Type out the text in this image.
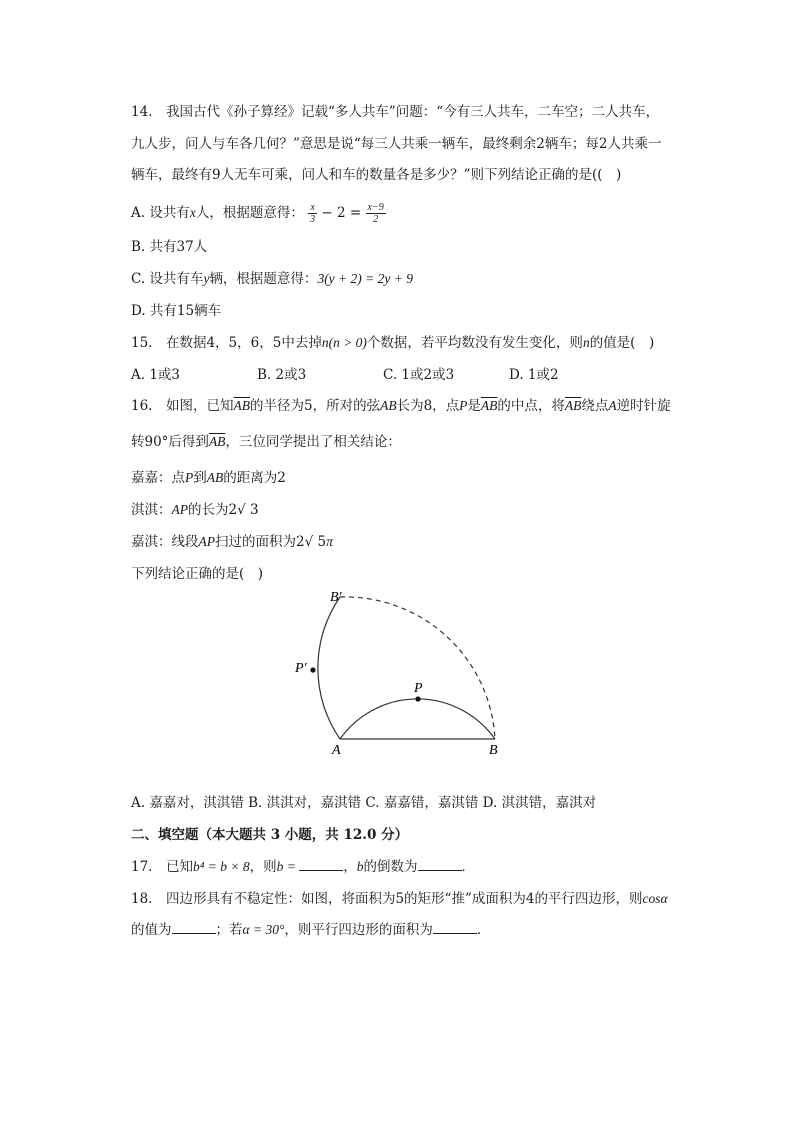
14.　我国古代《孙子算经》记载“多人共车”问题：“今有三人共车，二车空；二人共车，
九人步，问人与车各几何？”意思是说“每三人共乘一辆车，最终剩余2辆车；每2人共乘一
辆车，最终有9人无车可乘，问人和车的数量各是多少？”则下列结论正确的是((　)
A. 设共有x人，根据题意得： $\frac{x}{3} - 2 = \frac{x-9}{2}$
B. 共有37人
C. 设共有车y辆，根据题意得：3(y + 2) = 2y + 9
D. 共有15辆车
15.　在数据4，5，6，5中去掉n(n > 0)个数据，若平均数没有发生变化，则n的值是(　)
A. 1或3	B. 2或3	C. 1或2或3	D. 1或2
16.　如图，已知$\overline{AB}$的半径为5，所对的弦AB长为8，点P是$\overline{AB}$的中点，将$\overline{AB}$绕点A逆时针旋
转90°后得到$\overline{AB}$，三位同学提出了相关结论：
嘉嘉：点P到AB的距离为2
淇淇：AP的长为2√ 3
嘉淇：线段AP扫过的面积为2√ 5π
下列结论正确的是(　)
B′
P′
P
A	B
A. 嘉嘉对，淇淇错 B. 淇淇对，嘉淇错 C. 嘉嘉错，嘉淇错 D. 淇淇错，嘉淇对
二、填空题（本大题共 3 小题，共 12.0 分）
17.　已知b⁴ = b × 8，则b =	，b的倒数为	．
18.　四边形具有不稳定性：如图，将面积为5的矩形“推”成面积为4的平行四边形，则cosα
的值为	；若α = 30°，则平行四边形的面积为	．
